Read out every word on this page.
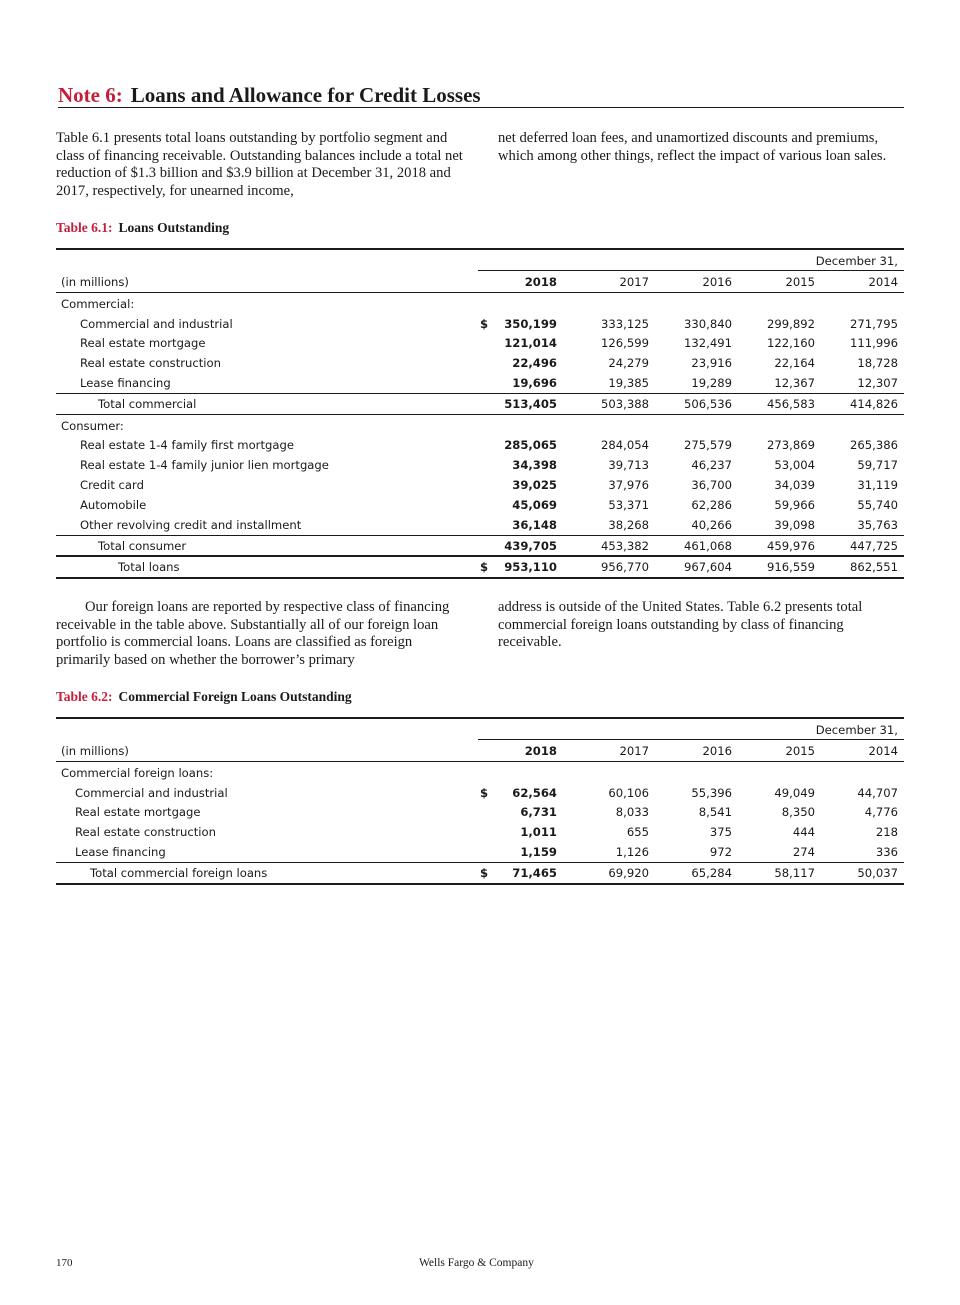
Note 6: Loans and Allowance for Credit Losses
Table 6.1 presents total loans outstanding by portfolio segment and class of financing receivable. Outstanding balances include a total net reduction of $1.3 billion and $3.9 billion at December 31, 2018 and 2017, respectively, for unearned income,
net deferred loan fees, and unamortized discounts and premiums, which among other things, reflect the impact of various loan sales.
Table 6.1: Loans Outstanding
December 31,
(in millions)	2018	2017	2016	2015	2014
Commercial:
Commercial and industrial	$ 350,199	333,125	330,840	299,892	271,795
Real estate mortgage	121,014	126,599	132,491	122,160	111,996
Real estate construction	22,496	24,279	23,916	22,164	18,728
Lease financing	19,696	19,385	19,289	12,367	12,307
Total commercial	513,405	503,388	506,536	456,583	414,826
Consumer:
Real estate 1-4 family first mortgage	285,065	284,054	275,579	273,869	265,386
Real estate 1-4 family junior lien mortgage	34,398	39,713	46,237	53,004	59,717
Credit card	39,025	37,976	36,700	34,039	31,119
Automobile	45,069	53,371	62,286	59,966	55,740
Other revolving credit and installment	36,148	38,268	40,266	39,098	35,763
Total consumer	439,705	453,382	461,068	459,976	447,725
Total loans	$ 953,110	956,770	967,604	916,559	862,551
Our foreign loans are reported by respective class of financing receivable in the table above. Substantially all of our foreign loan portfolio is commercial loans. Loans are classified as foreign primarily based on whether the borrower’s primary
address is outside of the United States. Table 6.2 presents total commercial foreign loans outstanding by class of financing receivable.
Table 6.2: Commercial Foreign Loans Outstanding
December 31,
(in millions)	2018	2017	2016	2015	2014
Commercial foreign loans:
Commercial and industrial	$ 62,564	60,106	55,396	49,049	44,707
Real estate mortgage	6,731	8,033	8,541	8,350	4,776
Real estate construction	1,011	655	375	444	218
Lease financing	1,159	1,126	972	274	336
Total commercial foreign loans	$ 71,465	69,920	65,284	58,117	50,037
170	Wells Fargo & Company
